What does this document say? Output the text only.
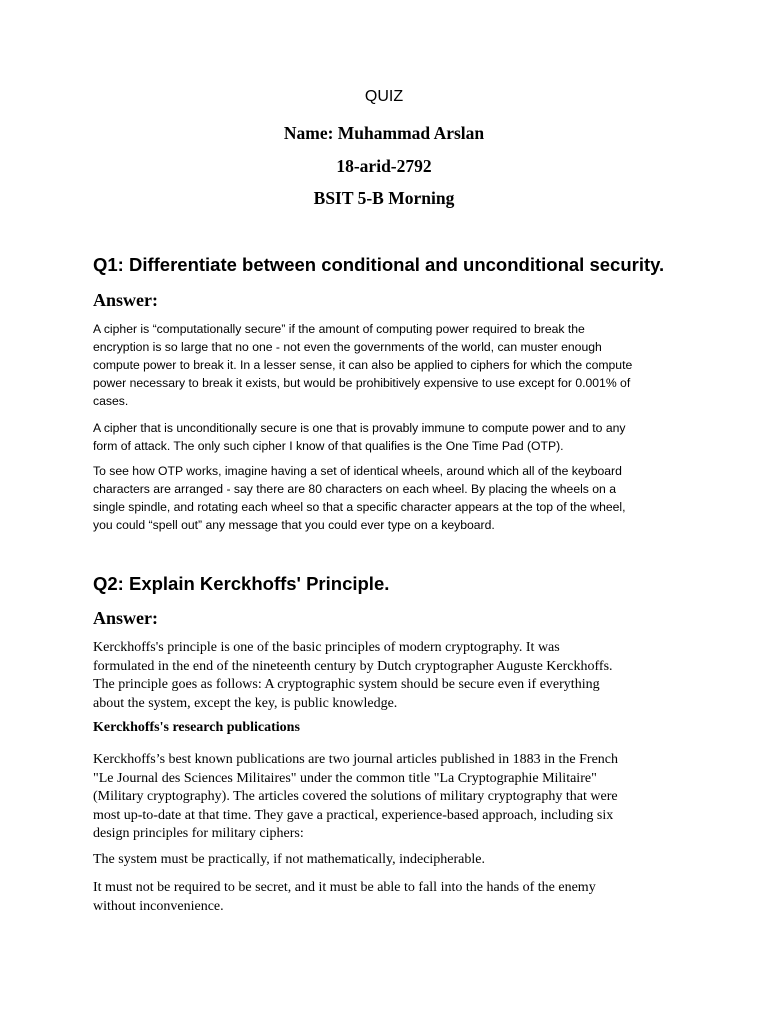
QUIZ
Name: Muhammad Arslan
18-arid-2792
BSIT 5-B Morning
Q1: Differentiate between conditional and unconditional security.
Answer:
A cipher is “computationally secure” if the amount of computing power required to break the
encryption is so large that no one - not even the governments of the world, can muster enough
compute power to break it. In a lesser sense, it can also be applied to ciphers for which the compute
power necessary to break it exists, but would be prohibitively expensive to use except for 0.001% of
cases.
A cipher that is unconditionally secure is one that is provably immune to compute power and to any
form of attack. The only such cipher I know of that qualifies is the One Time Pad (OTP).
To see how OTP works, imagine having a set of identical wheels, around which all of the keyboard
characters are arranged - say there are 80 characters on each wheel. By placing the wheels on a
single spindle, and rotating each wheel so that a specific character appears at the top of the wheel,
you could “spell out” any message that you could ever type on a keyboard.
Q2: Explain Kerckhoffs' Principle.
Answer:
Kerckhoffs's principle is one of the basic principles of modern cryptography. It was
formulated in the end of the nineteenth century by Dutch cryptographer Auguste Kerckhoffs.
The principle goes as follows: A cryptographic system should be secure even if everything
about the system, except the key, is public knowledge.
Kerckhoffs's research publications
Kerckhoffs’s best known publications are two journal articles published in 1883 in the French
"Le Journal des Sciences Militaires" under the common title "La Cryptographie Militaire"
(Military cryptography). The articles covered the solutions of military cryptography that were
most up-to-date at that time. They gave a practical, experience-based approach, including six
design principles for military ciphers:
The system must be practically, if not mathematically, indecipherable.
It must not be required to be secret, and it must be able to fall into the hands of the enemy
without inconvenience.
